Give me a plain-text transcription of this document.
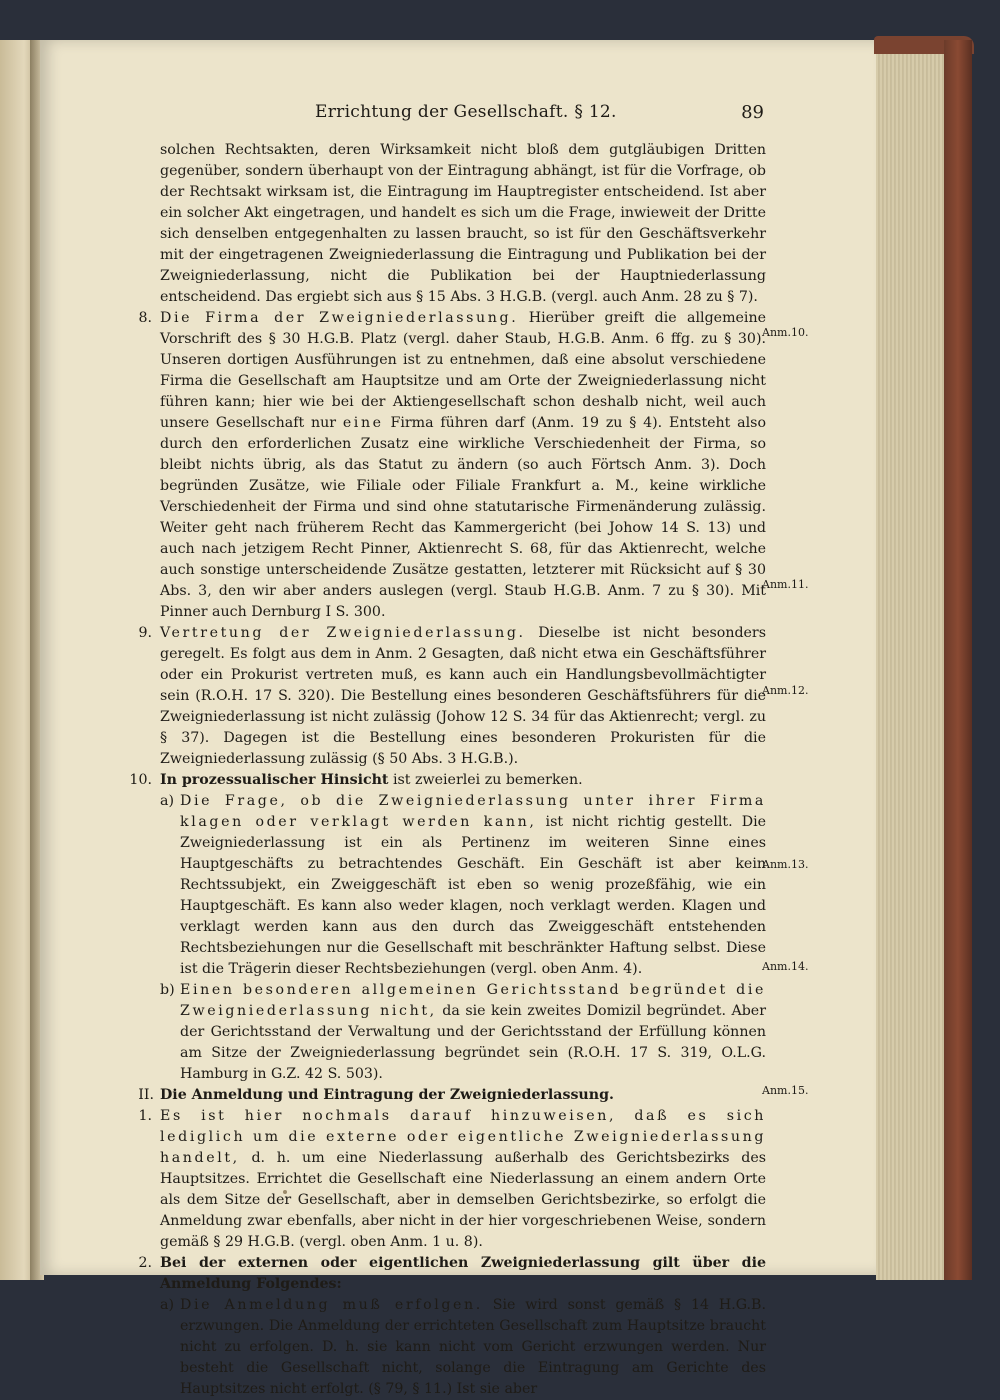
Errichtung der Gesellschaft. § 12.	89

solchen Rechtsakten, deren Wirksamkeit nicht bloß dem gutgläubigen Dritten gegenüber, sondern überhaupt von der Eintragung abhängt, ist für die Vorfrage, ob der Rechtsakt wirksam ist, die Eintragung im Hauptregister entscheidend. Ist aber ein solcher Akt eingetragen, und handelt es sich um die Frage, inwieweit der Dritte sich denselben entgegenhalten zu lassen braucht, so ist für den Geschäftsverkehr mit der eingetragenen Zweigniederlassung die Eintragung und Publikation bei der Zweigniederlassung, nicht die Publikation bei der Hauptniederlassung entscheidend. Das ergiebt sich aus § 15 Abs. 3 H.G.B. (vergl. auch Anm. 28 zu § 7).

8. Die Firma der Zweigniederlassung. Hierüber greift die allgemeine Vorschrift des § 30 H.G.B. Platz (vergl. daher Staub, H.G.B. Anm. 6 ffg. zu § 30). Unseren dortigen Ausführungen ist zu entnehmen, daß eine absolut verschiedene Firma die Gesellschaft am Hauptsitze und am Orte der Zweigniederlassung nicht führen kann; hier wie bei der Aktiengesellschaft schon deshalb nicht, weil auch unsere Gesellschaft nur eine Firma führen darf (Anm. 19 zu § 4). Entsteht also durch den erforderlichen Zusatz eine wirkliche Verschiedenheit der Firma, so bleibt nichts übrig, als das Statut zu ändern (so auch Förtsch Anm. 3). Doch begründen Zusätze, wie Filiale oder Filiale Frankfurt a. M., keine wirkliche Verschiedenheit der Firma und sind ohne statutarische Firmenänderung zulässig. Weiter geht nach früherem Recht das Kammergericht (bei Johow 14 S. 13) und auch nach jetzigem Recht Pinner, Aktienrecht S. 68, für das Aktienrecht, welche auch sonstige unterscheidende Zusätze gestatten, letzterer mit Rücksicht auf § 30 Abs. 3, den wir aber anders auslegen (vergl. Staub H.G.B. Anm. 7 zu § 30). Mit Pinner auch Dernburg I S. 300.
9. Vertretung der Zweigniederlassung. Dieselbe ist nicht besonders geregelt. Es folgt aus dem in Anm. 2 Gesagten, daß nicht etwa ein Geschäftsführer oder ein Prokurist vertreten muß, es kann auch ein Handlungsbevollmächtigter sein (R.O.H. 17 S. 320). Die Bestellung eines besonderen Geschäftsführers für die Zweigniederlassung ist nicht zulässig (Johow 12 S. 34 für das Aktienrecht; vergl. zu § 37). Dagegen ist die Bestellung eines besonderen Prokuristen für die Zweigniederlassung zulässig (§ 50 Abs. 3 H.G.B.).
10. In prozessualischer Hinsicht ist zweierlei zu bemerken.
a) Die Frage, ob die Zweigniederlassung unter ihrer Firma klagen oder verklagt werden kann, ist nicht richtig gestellt. Die Zweigniederlassung ist ein als Pertinenz im weiteren Sinne eines Hauptgeschäfts zu betrachtendes Geschäft. Ein Geschäft ist aber kein Rechtssubjekt, ein Zweiggeschäft ist eben so wenig prozeßfähig, wie ein Hauptgeschäft. Es kann also weder klagen, noch verklagt werden. Klagen und verklagt werden kann aus den durch das Zweiggeschäft entstehenden Rechtsbeziehungen nur die Gesellschaft mit beschränkter Haftung selbst. Diese ist die Trägerin dieser Rechtsbeziehungen (vergl. oben Anm. 4).
b) Einen besonderen allgemeinen Gerichtsstand begründet die Zweigniederlassung nicht, da sie kein zweites Domizil begründet. Aber der Gerichtsstand der Verwaltung und der Gerichtsstand der Erfüllung können am Sitze der Zweigniederlassung begründet sein (R.O.H. 17 S. 319, O.L.G. Hamburg in G.Z. 42 S. 503).
II. Die Anmeldung und Eintragung der Zweigniederlassung.
1. Es ist hier nochmals darauf hinzuweisen, daß es sich lediglich um die externe oder eigentliche Zweigniederlassung handelt, d. h. um eine Niederlassung außerhalb des Gerichtsbezirks des Hauptsitzes. Errichtet die Gesellschaft eine Niederlassung an einem andern Orte als dem Sitze der Gesellschaft, aber in demselben Gerichtsbezirke, so erfolgt die Anmeldung zwar ebenfalls, aber nicht in der hier vorgeschriebenen Weise, sondern gemäß § 29 H.G.B. (vergl. oben Anm. 1 u. 8).
2. Bei der externen oder eigentlichen Zweigniederlassung gilt über die Anmeldung Folgendes:
a) Die Anmeldung muß erfolgen. Sie wird sonst gemäß § 14 H.G.B. erzwungen. Die Anmeldung der errichteten Gesellschaft zum Hauptsitze braucht nicht zu erfolgen. D. h. sie kann nicht vom Gericht erzwungen werden. Nur besteht die Gesellschaft nicht, solange die Eintragung am Gerichte des Hauptsitzes nicht erfolgt. (§ 79, § 11.) Ist sie aber
Anm.10.
Anm.11.
Anm.12.
Anm.13.
Anm.14.
Anm.15.
